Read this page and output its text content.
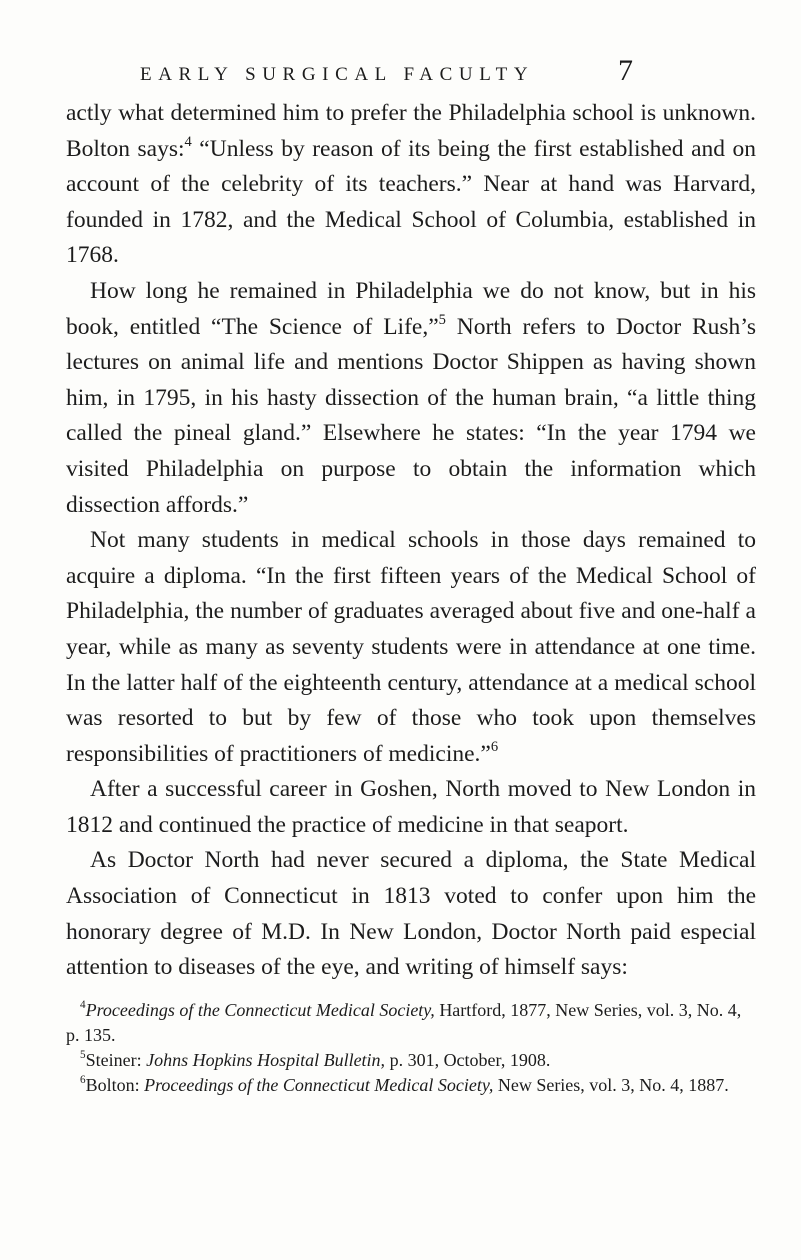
EARLY SURGICAL FACULTY	7

actly what determined him to prefer the Philadelphia school is unknown. Bolton says:$^4$ “Unless by reason of its being the first established and on account of the celebrity of its teachers.” Near at hand was Harvard, founded in 1782, and the Medical School of Columbia, established in 1768.

How long he remained in Philadelphia we do not know, but in his book, entitled “The Science of Life,”$^5$ North refers to Doctor Rush’s lectures on animal life and mentions Doctor Shippen as having shown him, in 1795, in his hasty dissection of the human brain, “a little thing called the pineal gland.” Elsewhere he states: “In the year 1794 we visited Philadelphia on purpose to obtain the information which dissection affords.”

Not many students in medical schools in those days remained to acquire a diploma. “In the first fifteen years of the Medical School of Philadelphia, the number of graduates averaged about five and one-half a year, while as many as seventy students were in attendance at one time. In the latter half of the eighteenth century, attendance at a medical school was resorted to but by few of those who took upon themselves responsibilities of practitioners of medicine.”$^6$

After a successful career in Goshen, North moved to New London in 1812 and continued the practice of medicine in that seaport.

As Doctor North had never secured a diploma, the State Medical Association of Connecticut in 1813 voted to confer upon him the honorary degree of M.D. In New London, Doctor North paid especial attention to diseases of the eye, and writing of himself says:

$^4$Proceedings of the Connecticut Medical Society, Hartford, 1877, New Series, vol. 3, No. 4, p. 135.

$^5$Steiner: Johns Hopkins Hospital Bulletin, p. 301, October, 1908.

$^6$Bolton: Proceedings of the Connecticut Medical Society, New Series, vol. 3, No. 4, 1887.
